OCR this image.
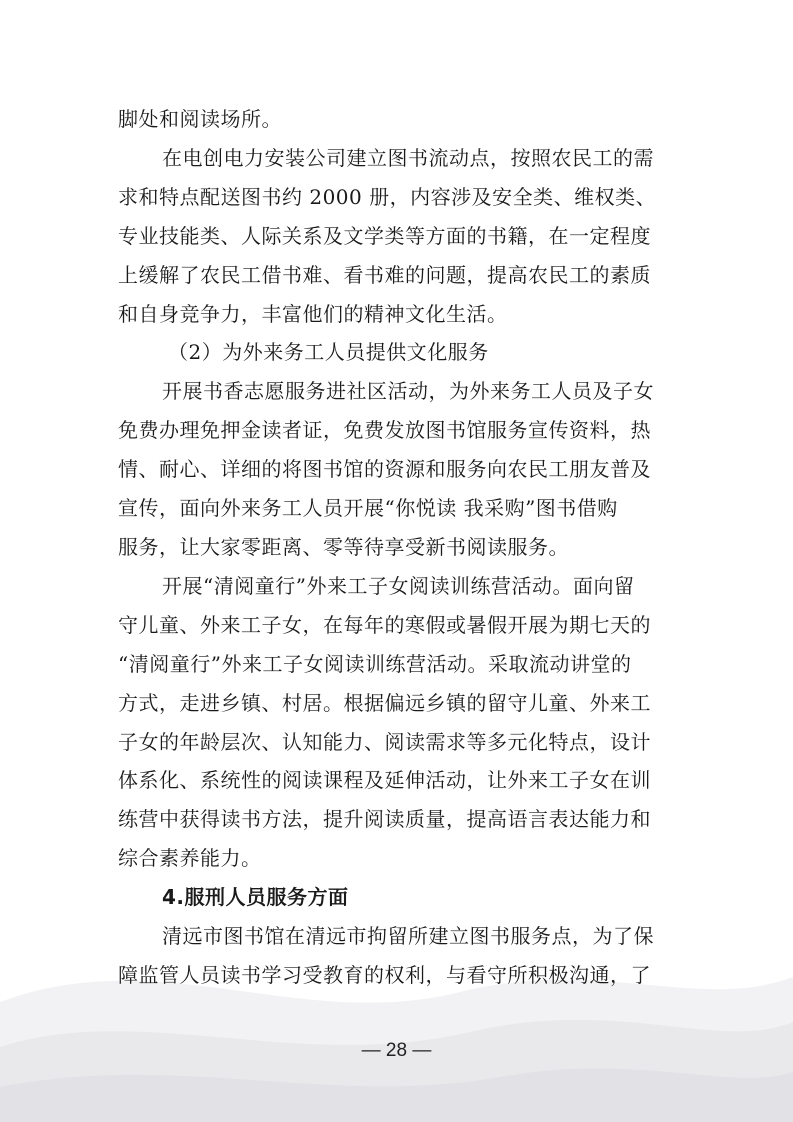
脚处和阅读场所。
在电创电力安装公司建立图书流动点，按照农民工的需
求和特点配送图书约 2000 册，内容涉及安全类、维权类、
专业技能类、人际关系及文学类等方面的书籍，在一定程度
上缓解了农民工借书难、看书难的问题，提高农民工的素质
和自身竞争力，丰富他们的精神文化生活。
（2）为外来务工人员提供文化服务
开展书香志愿服务进社区活动，为外来务工人员及子女
免费办理免押金读者证，免费发放图书馆服务宣传资料，热
情、耐心、详细的将图书馆的资源和服务向农民工朋友普及
宣传，面向外来务工人员开展“你悦读 我采购”图书借购
服务，让大家零距离、零等待享受新书阅读服务。
开展“清阅童行”外来工子女阅读训练营活动。面向留
守儿童、外来工子女，在每年的寒假或暑假开展为期七天的
“清阅童行”外来工子女阅读训练营活动。采取流动讲堂的
方式，走进乡镇、村居。根据偏远乡镇的留守儿童、外来工
子女的年龄层次、认知能力、阅读需求等多元化特点，设计
体系化、系统性的阅读课程及延伸活动，让外来工子女在训
练营中获得读书方法，提升阅读质量，提高语言表达能力和
综合素养能力。
4.服刑人员服务方面
清远市图书馆在清远市拘留所建立图书服务点，为了保
障监管人员读书学习受教育的权利，与看守所积极沟通，了
— 28 —
